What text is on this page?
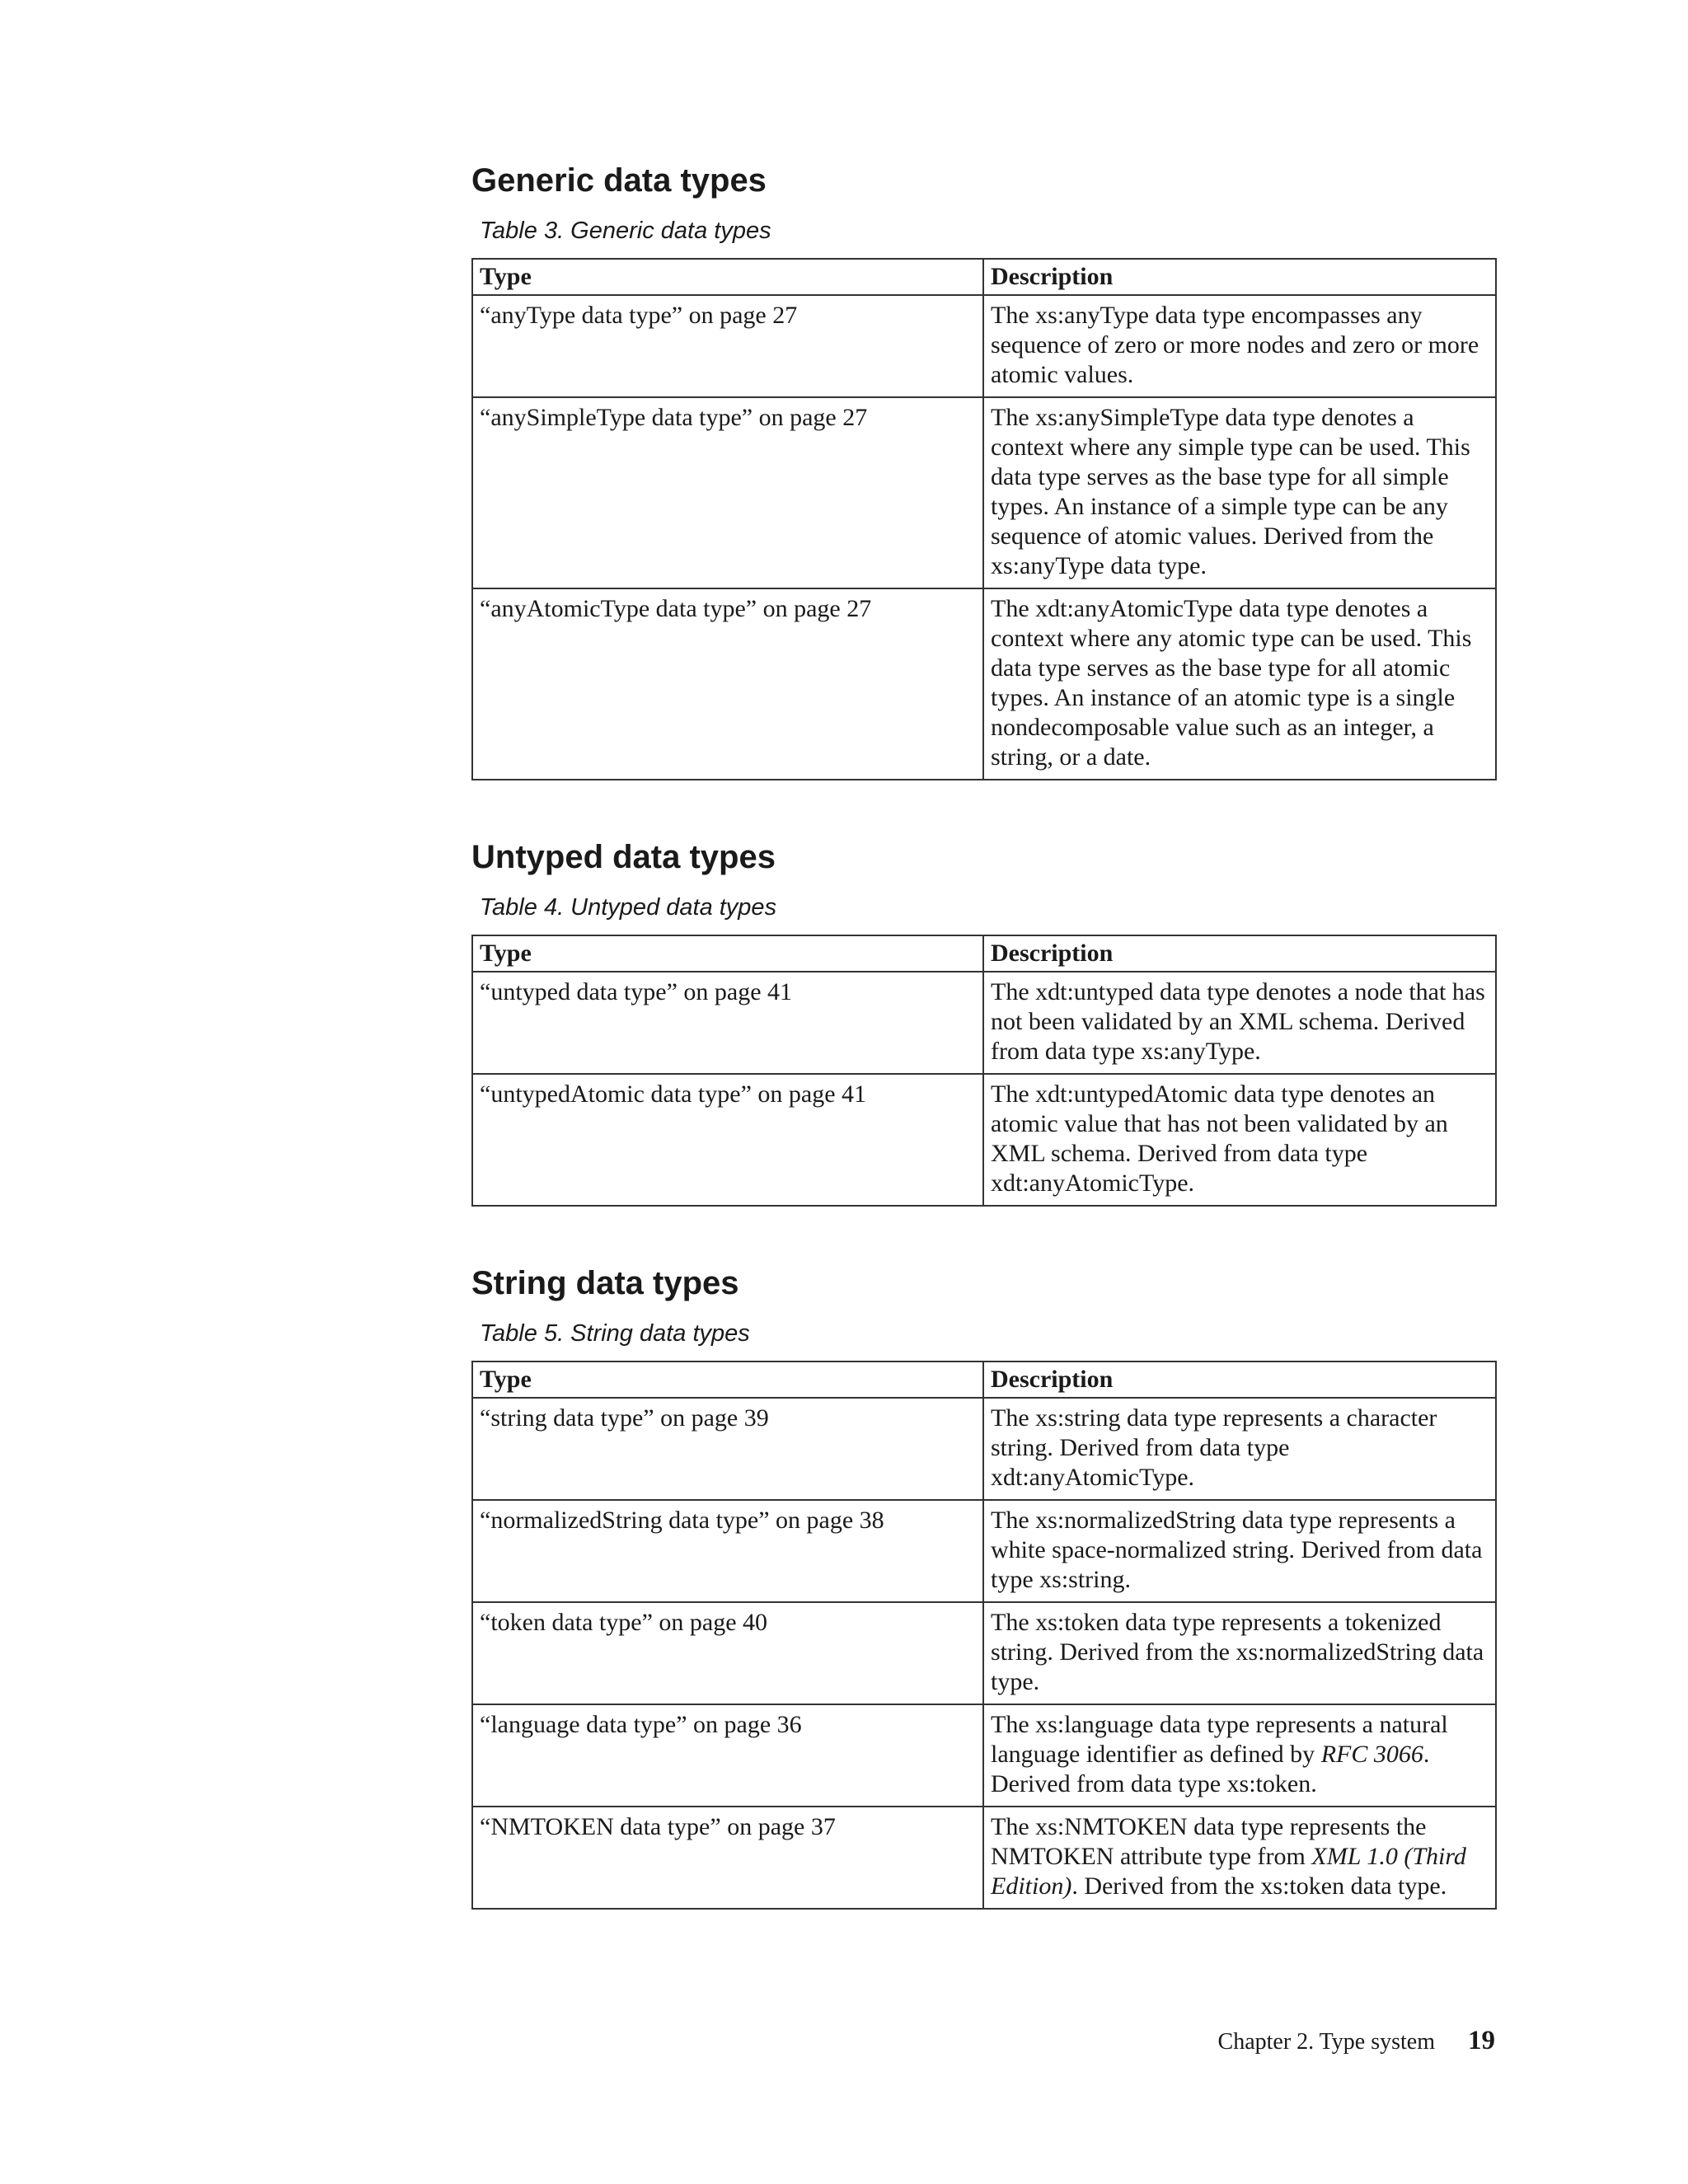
Generic data types
Table 3. Generic data types
Type	Description
“anyType data type” on page 27	The xs:anyType data type encompasses any sequence of zero or more nodes and zero or more atomic values.
“anySimpleType data type” on page 27	The xs:anySimpleType data type denotes a context where any simple type can be used. This data type serves as the base type for all simple types. An instance of a simple type can be any sequence of atomic values. Derived from the xs:anyType data type.
“anyAtomicType data type” on page 27	The xdt:anyAtomicType data type denotes a context where any atomic type can be used. This data type serves as the base type for all atomic types. An instance of an atomic type is a single nondecomposable value such as an integer, a string, or a date.
Untyped data types
Table 4. Untyped data types
Type	Description
“untyped data type” on page 41	The xdt:untyped data type denotes a node that has not been validated by an XML schema. Derived from data type xs:anyType.
“untypedAtomic data type” on page 41	The xdt:untypedAtomic data type denotes an atomic value that has not been validated by an XML schema. Derived from data type xdt:anyAtomicType.
String data types
Table 5. String data types
Type	Description
“string data type” on page 39	The xs:string data type represents a character string. Derived from data type xdt:anyAtomicType.
“normalizedString data type” on page 38	The xs:normalizedString data type represents a white space-normalized string. Derived from data type xs:string.
“token data type” on page 40	The xs:token data type represents a tokenized string. Derived from the xs:normalizedString data type.
“language data type” on page 36	The xs:language data type represents a natural language identifier as defined by RFC 3066. Derived from data type xs:token.
“NMTOKEN data type” on page 37	The xs:NMTOKEN data type represents the NMTOKEN attribute type from XML 1.0 (Third Edition). Derived from the xs:token data type.
Chapter 2. Type system 19
